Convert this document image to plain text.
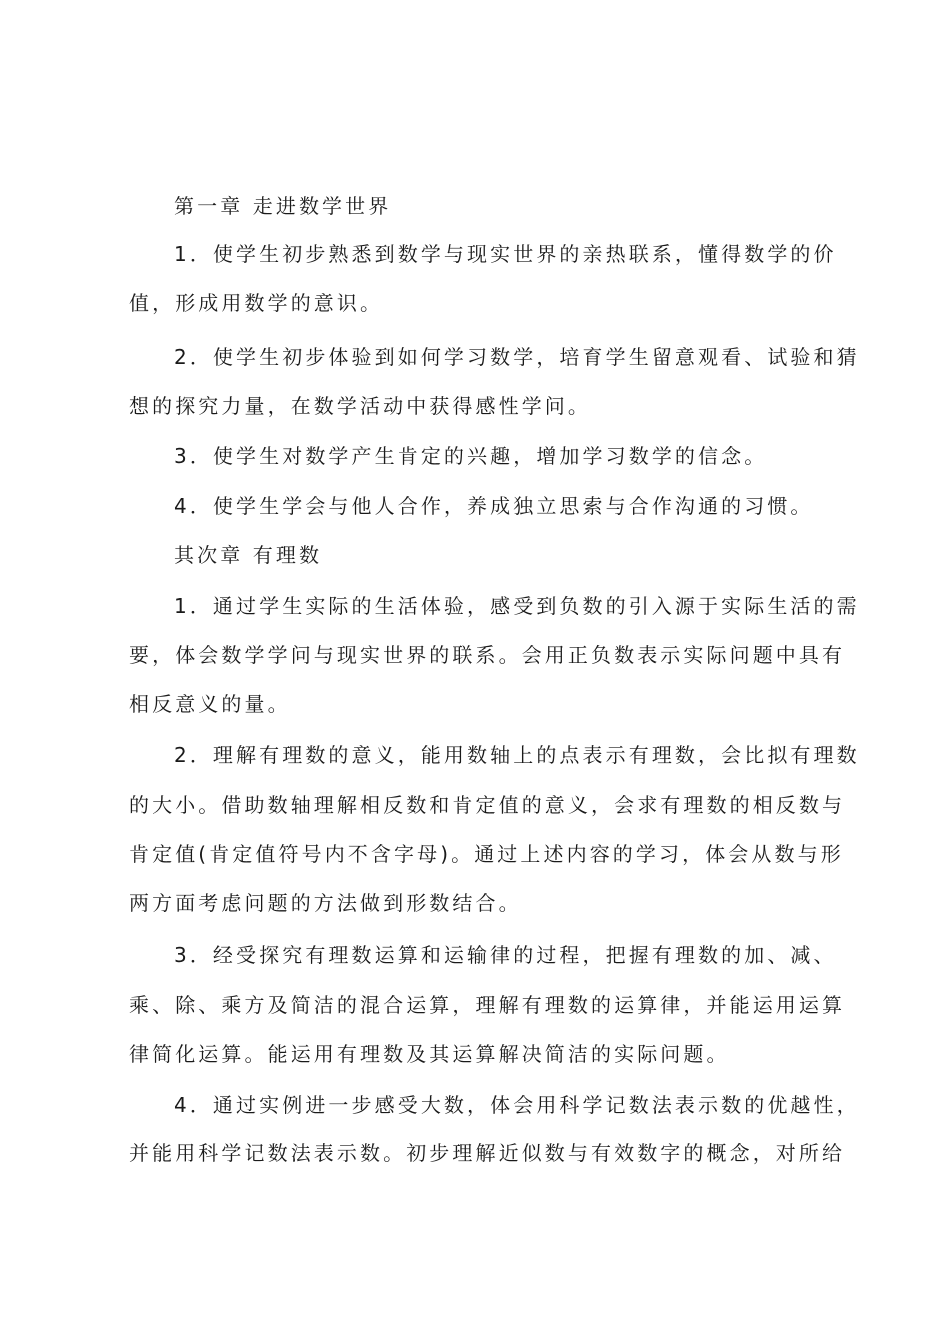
第一章 走进数学世界
1．使学生初步熟悉到数学与现实世界的亲热联系，懂得数学的价
值，形成用数学的意识。
2．使学生初步体验到如何学习数学，培育学生留意观看、试验和猜
想的探究力量，在数学活动中获得感性学问。
3．使学生对数学产生肯定的兴趣，增加学习数学的信念。
4．使学生学会与他人合作，养成独立思索与合作沟通的习惯。
其次章 有理数
1．通过学生实际的生活体验，感受到负数的引入源于实际生活的需
要，体会数学学问与现实世界的联系。会用正负数表示实际问题中具有
相反意义的量。
2．理解有理数的意义，能用数轴上的点表示有理数，会比拟有理数
的大小。借助数轴理解相反数和肯定值的意义，会求有理数的相反数与
肯定值(肯定值符号内不含字母)。通过上述内容的学习，体会从数与形
两方面考虑问题的方法做到形数结合。
3．经受探究有理数运算和运输律的过程，把握有理数的加、减、
乘、除、乘方及简洁的混合运算，理解有理数的运算律，并能运用运算
律简化运算。能运用有理数及其运算解决简洁的实际问题。
4．通过实例进一步感受大数，体会用科学记数法表示数的优越性，
并能用科学记数法表示数。初步理解近似数与有效数字的概念，对所给
